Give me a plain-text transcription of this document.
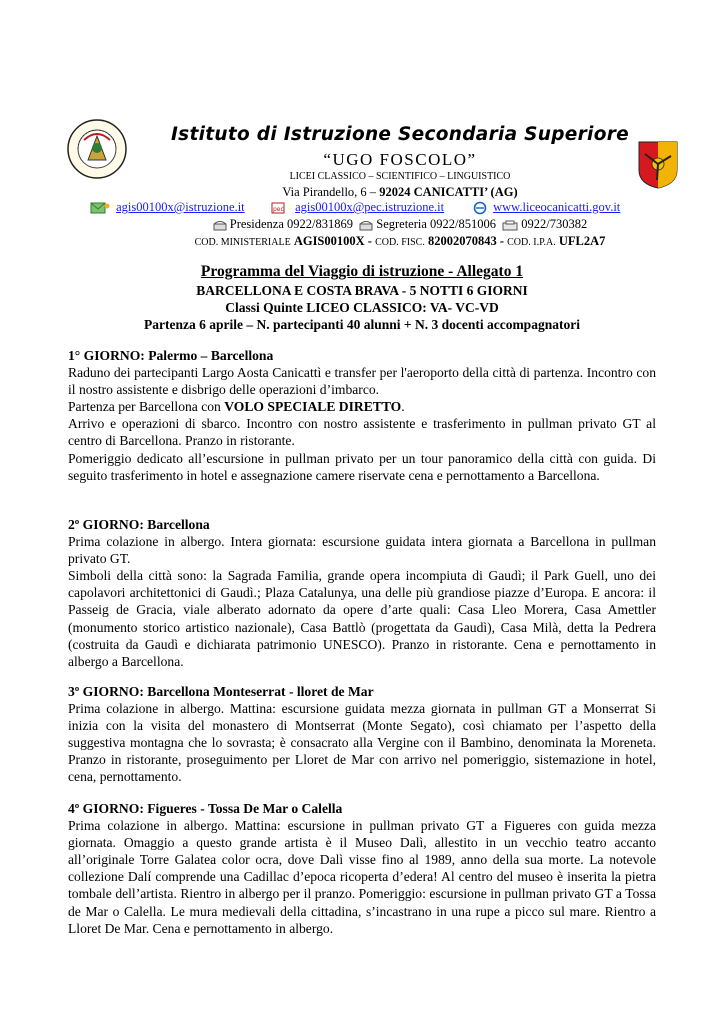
Istituto di Istruzione Secondaria Superiore
“UGO FOSCOLO”
LICEI CLASSICO – SCIENTIFICO – LINGUISTICO
Via Pirandello, 6 – 92024 CANICATTI’ (AG)
agis00100x@istruzione.it	pec agis00100x@pec.istruzione.it	www.liceocanicatti.gov.it
Presidenza 0922/831869 Segreteria 0922/851006 0922/730382
COD. MINISTERIALE AGIS00100X - COD. FISC. 82002070843 - COD. I.P.A. UFL2A7
Programma del Viaggio di istruzione - Allegato 1
BARCELLONA E COSTA BRAVA - 5 NOTTI 6 GIORNI
Classi Quinte LICEO CLASSICO: VA- VC-VD
Partenza 6 aprile – N. partecipanti 40 alunni + N. 3 docenti accompagnatori

1° GIORNO: Palermo – Barcellona

Raduno dei partecipanti Largo Aosta Canicattì e transfer per l'aeroporto della città di partenza. Incontro con il nostro assistente e disbrigo delle operazioni d’imbarco.

Partenza per Barcellona con VOLO SPECIALE DIRETTO.

Arrivo e operazioni di sbarco. Incontro con nostro assistente e trasferimento in pullman privato GT al centro di Barcellona. Pranzo in ristorante.

Pomeriggio dedicato all’escursione in pullman privato per un tour panoramico della città con guida. Di seguito trasferimento in hotel e assegnazione camere riservate cena e pernottamento a Barcellona.

2º GIORNO: Barcellona

Prima colazione in albergo. Intera giornata: escursione guidata intera giornata a Barcellona in pullman privato GT.

Simboli della città sono: la Sagrada Familia, grande opera incompiuta di Gaudì; il Park Guell, uno dei capolavori architettonici di Gaudì.; Plaza Catalunya, una delle più grandiose piazze d’Europa. E ancora: il Passeig de Gracia, viale alberato adornato da opere d’arte quali: Casa Lleo Morera, Casa Amettler (monumento storico artistico nazionale), Casa Battlò (progettata da Gaudì), Casa Milà, detta la Pedrera (costruita da Gaudì e dichiarata patrimonio UNESCO). Pranzo in ristorante. Cena e pernottamento in albergo a Barcellona.

3º GIORNO: Barcellona Monteserrat - lloret de Mar

Prima colazione in albergo. Mattina: escursione guidata mezza giornata in pullman GT a Monserrat Si inizia con la visita del monastero di Montserrat (Monte Segato), così chiamato per l’aspetto della suggestiva montagna che lo sovrasta; è consacrato alla Vergine con il Bambino, denominata la Moreneta. Pranzo in ristorante, proseguimento per Lloret de Mar con arrivo nel pomeriggio, sistemazione in hotel, cena, pernottamento.

4º GIORNO: Figueres - Tossa De Mar o Calella

Prima colazione in albergo. Mattina: escursione in pullman privato GT a Figueres con guida mezza giornata. Omaggio a questo grande artista è il Museo Dalì, allestito in un vecchio teatro accanto all’originale Torre Galatea color ocra, dove Dalì visse fino al 1989, anno della sua morte. La notevole collezione Dalí comprende una Cadillac d’epoca ricoperta d’edera! Al centro del museo è inserita la pietra tombale dell’artista. Rientro in albergo per il pranzo. Pomeriggio: escursione in pullman privato GT a Tossa de Mar o Calella. Le mura medievali della cittadina, s’incastrano in una rupe a picco sul mare. Rientro a Lloret De Mar. Cena e pernottamento in albergo.
